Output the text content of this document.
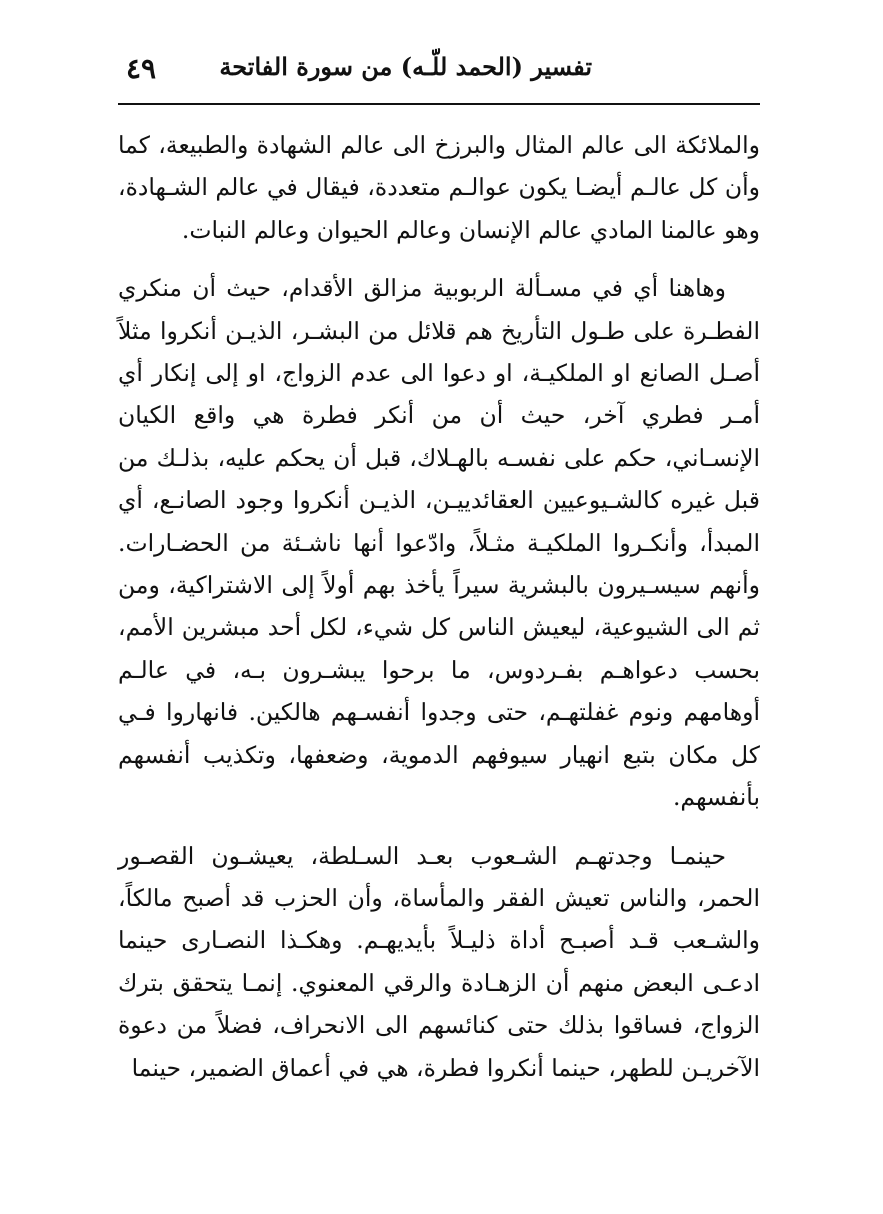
٤٩	تفسير (الحمد للّـه) من سورة الفاتحة

والملائكة الى عالم المثال والبرزخ الى عالم الشهادة والطبيعة، كما وأن كل عالـم أيضـا يكون عوالـم متعددة، فيقال في عالم الشـهادة، وهو عالمنا المادي عالم الإنسان وعالم الحيوان وعالم النبات.

وهاهنا أي في مسـألة الربوبية مزالق الأقدام، حيث أن منكري الفطـرة على طـول التأريخ هم قلائل من البشـر، الذيـن أنكروا مثلاً أصـل الصانع او الملكيـة، او دعوا الى عدم الزواج، او إلى إنكار أي أمـر فطري آخر، حيث أن من أنكر فطرة هي واقع الكيان الإنسـاني، حكم على نفسـه بالهـلاك، قبل أن يحكم عليه، بذلـك من قبل غيره كالشـيوعيين العقائدييـن، الذيـن أنكروا وجود الصانـع، أي المبدأ، وأنكـروا الملكيـة مثـلاً، وادّعوا أنها ناشـئة من الحضـارات. وأنهم سيسـيرون بالبشرية سيراً يأخذ بهم أولاً إلى الاشتراكية، ومن ثم الى الشيوعية، ليعيش الناس كل شيء، لكل أحد مبشرين الأمم، بحسب دعواهـم بفـردوس، ما برحوا يبشـرون بـه، في عالـم أوهامهم ونوم غفلتهـم، حتى وجدوا أنفسـهم هالكين. فانهاروا فـي كل مكان بتبع انهيار سيوفهم الدموية، وضعفها، وتكذيب أنفسهم بأنفسهم.

حينمـا وجدتهـم الشـعوب بعـد السـلطة، يعيشـون القصـور الحمر، والناس تعيش الفقر والمأساة، وأن الحزب قد أصبح مالكاً، والشـعب قـد أصبـح أداة ذليـلاً بأيديهـم. وهكـذا النصـارى حينما ادعـى البعض منهم أن الزهـادة والرقي المعنوي. إنمـا يتحقق بترك الزواج، فساقوا بذلك حتى كنائسهم الى الانحراف، فضلاً من دعوة الآخريـن للطهر، حينما أنكروا فطرة، هي في أعماق الضمير، حينما
